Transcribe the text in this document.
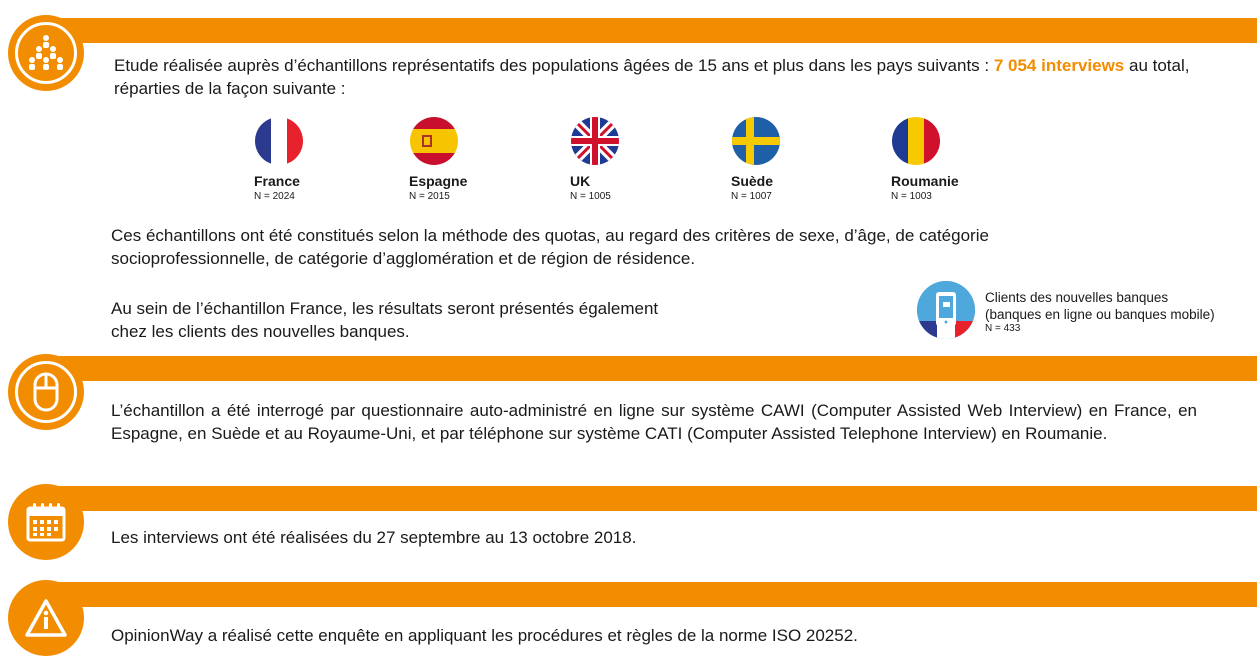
Etude réalisée auprès d’échantillons représentatifs des populations âgées de 15 ans et plus dans les pays suivants : 7 054 interviews au total, réparties de la façon suivante :
France
N = 2024
Espagne
N = 2015
UK
N = 1005
Suède
N = 1007
Roumanie
N = 1003
Ces échantillons ont été constitués selon la méthode des quotas, au regard des critères de sexe, d’âge, de catégorie socioprofessionnelle, de catégorie d’agglomération et de région de résidence.
Au sein de l’échantillon France, les résultats seront présentés également
chez les clients des nouvelles banques.
Clients des nouvelles banques
(banques en ligne ou banques mobile)
N = 433
L’échantillon a été interrogé par questionnaire auto-administré en ligne sur système CAWI (Computer Assisted Web Interview) en France, en Espagne, en Suède et au Royaume-Uni, et par téléphone sur système CATI (Computer Assisted Telephone Interview) en Roumanie.
Les interviews ont été réalisées du 27 septembre au 13 octobre 2018.
OpinionWay a réalisé cette enquête en appliquant les procédures et règles de la norme ISO 20252.
